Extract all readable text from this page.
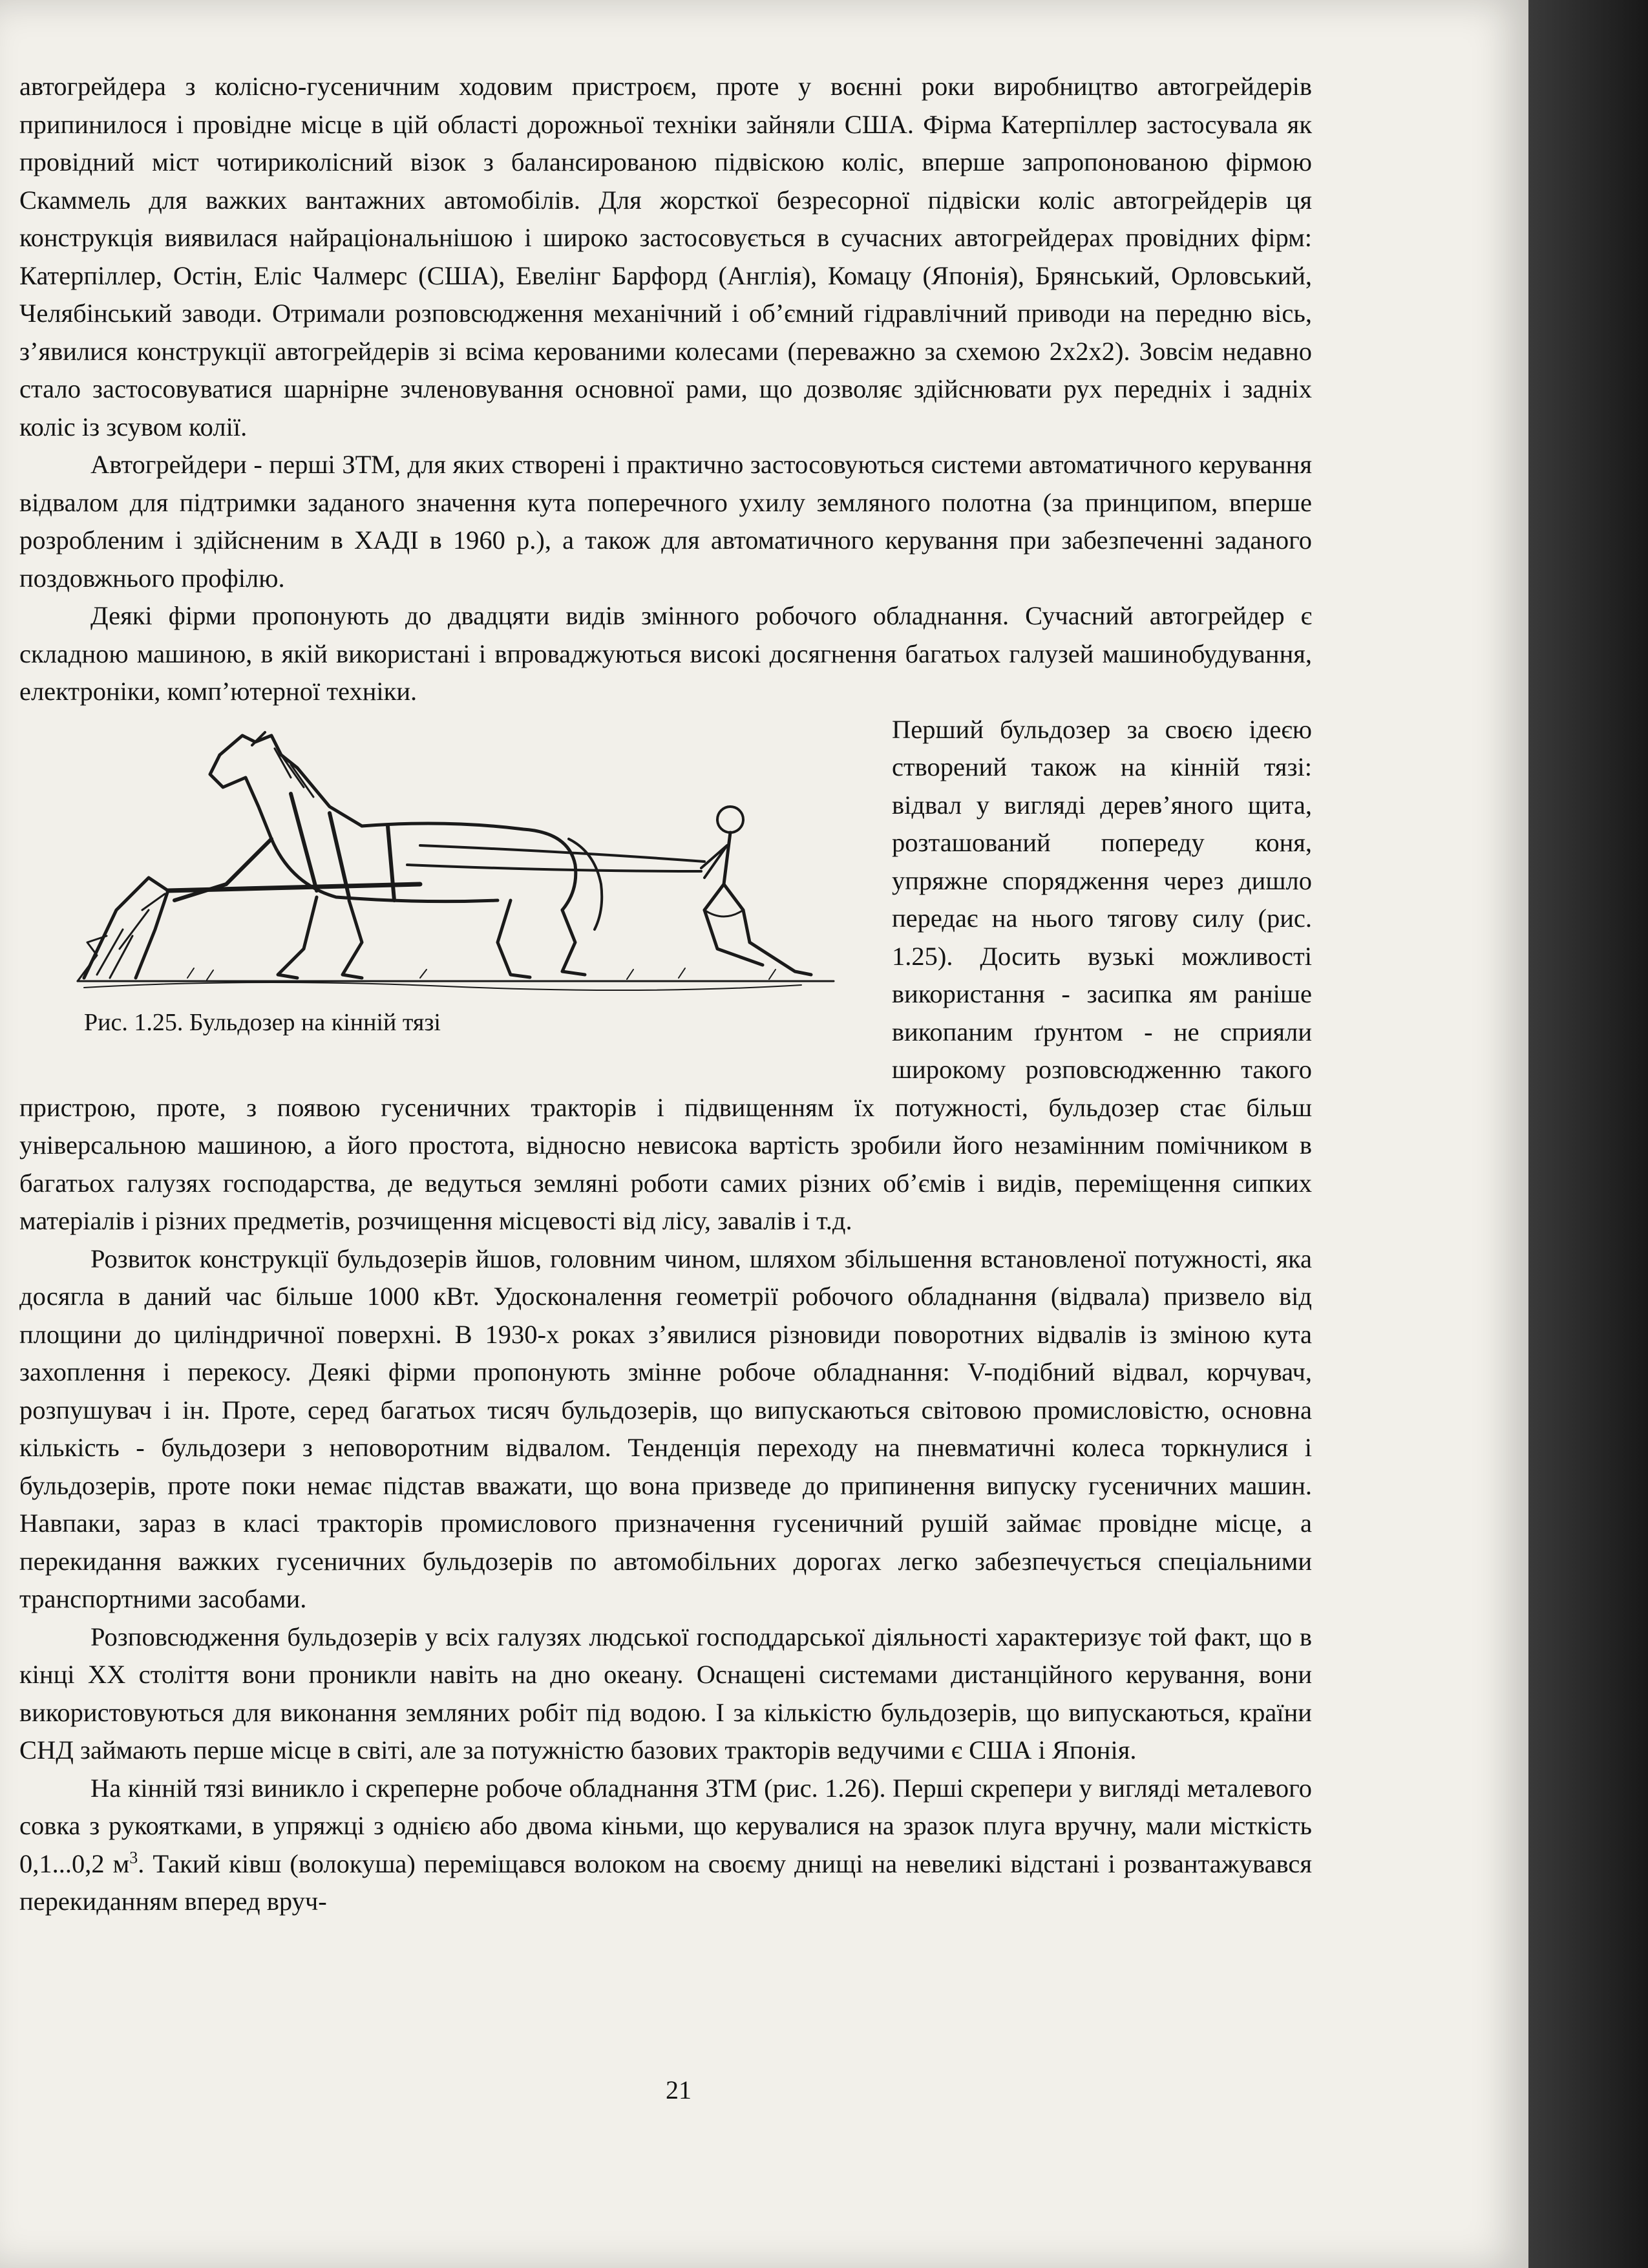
автогрейдера з колісно-гусеничним ходовим пристроєм, проте у воєнні роки виробництво автогрейдерів припинилося і провідне місце в цій області дорожньої техніки зайняли США. Фірма Катерпіллер застосувала як провідний міст чотириколісний візок з балансированою підвіскою коліс, вперше запропонованою фірмою Скаммель для важких вантажних автомобілів. Для жорсткої безресорної підвіски коліс автогрейдерів ця конструкція виявилася найраціональнішою і широко застосовується в сучасних автогрейдерах провідних фірм: Катерпіллер, Остін, Еліс Чалмерс (США), Евелінг Барфорд (Англія), Комацу (Японія), Брянський, Орловський, Челябінський заводи. Отримали розповсюдження механічний і об’ємний гідравлічний приводи на передню вісь, з’явилися конструкції автогрейдерів зі всіма керованими колесами (переважно за схемою 2х2х2). Зовсім недавно стало застосовуватися шарнірне зчленовування основної рами, що дозволяє здійснювати рух передніх і задніх коліс із зсувом колії.

Автогрейдери - перші ЗТМ, для яких створені і практично застосовуються системи автоматичного керування відвалом для підтримки заданого значення кута поперечного ухилу земляного полотна (за принципом, вперше розробленим і здійсненим в ХАДІ в 1960 р.), а також для автоматичного керування при забезпеченні заданого поздовжнього профілю.

Деякі фірми пропонують до двадцяти видів змінного робочого обладнання. Сучасний автогрейдер є складною машиною, в якій використані і впроваджуються високі досягнення багатьох галузей машинобудування, електроніки, комп’ютерної техніки.

Рис. 1.25. Бульдозер на кінній тязі

Перший бульдозер за своєю ідеєю створений також на кінній тязі: відвал у вигляді дерев’яного щита, розташований попереду коня, упряжне спорядження через дишло передає на нього тягову силу (рис. 1.25). Досить вузькі можливості використання - засипка ям раніше викопаним ґрунтом - не сприяли широкому розповсюдженню такого пристрою, проте, з появою гусеничних тракторів і підвищенням їх потужності, бульдозер стає більш універсальною машиною, а його простота, відносно невисока вартість зробили його незамінним помічником в багатьох галузях господарства, де ведуться земляні роботи самих різних об’ємів і видів, переміщення сипких матеріалів і різних предметів, розчищення місцевості від лісу, завалів і т.д.

Розвиток конструкції бульдозерів йшов, головним чином, шляхом збільшення встановленої потужності, яка досягла в даний час більше 1000 кВт. Удосконалення геометрії робочого обладнання (відвала) призвело від площини до циліндричної поверхні. В 1930-х роках з’явилися різновиди поворотних відвалів із зміною кута захоплення і перекосу. Деякі фірми пропонують змінне робоче обладнання: V-подібний відвал, корчувач, розпушувач і ін. Проте, серед багатьох тисяч бульдозерів, що випускаються світовою промисловістю, основна кількість - бульдозери з неповоротним відвалом. Тенденція переходу на пневматичні колеса торкнулися і бульдозерів, проте поки немає підстав вважати, що вона призведе до припинення випуску гусеничних машин. Навпаки, зараз в класі тракторів промислового призначення гусеничний рушій займає провідне місце, а перекидання важких гусеничних бульдозерів по автомобільних дорогах легко забезпечується спеціальними транспортними засобами.

Розповсюдження бульдозерів у всіх галузях людської господдарської діяльності характеризує той факт, що в кінці XX століття вони проникли навіть на дно океану. Оснащені системами дистанційного керування, вони використовуються для виконання земляних робіт під водою. І за кількістю бульдозерів, що випускаються, країни СНД займають перше місце в світі, але за потужністю базових тракторів ведучими є США і Японія.

На кінній тязі виникло і скреперне робоче обладнання ЗТМ (рис. 1.26). Перші скрепери у вигляді металевого совка з рукоятками, в упряжці з однією або двома кіньми, що керувалися на зразок плуга вручну, мали місткість 0,1...0,2 $м^3$. Такий ківш (волокуша) переміщався волоком на своєму днищі на невеликі відстані і розвантажувався перекиданням вперед вруч-

21
